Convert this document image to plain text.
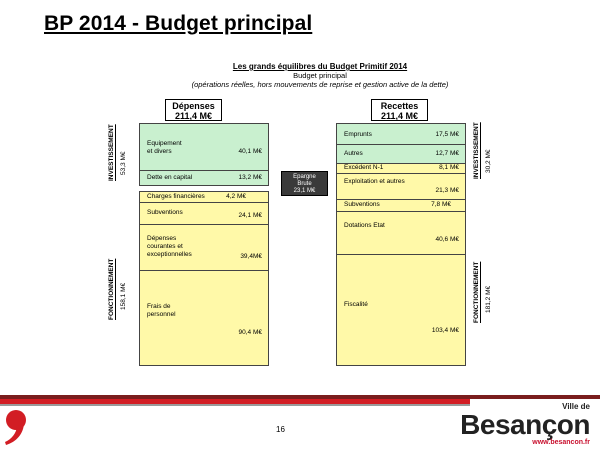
BP 2014 - Budget principal
Les grands équilibres du Budget Primitif 2014
Budget principal
(opérations réelles, hors mouvements de reprise et gestion active de la dette)
Dépenses
211,4 M€
Recettes
211,4 M€
INVESTISSEMENT 53,3 M€
FONCTIONNEMENT 158,1 M€
Equipement
et divers	40,1 M€
Dette en capital	13,2 M€
Charges financières	4,2 M€
Subventions	24,1 M€
Dépenses
courantes et
exceptionnelles	39,4M€
Frais de
personnel
90,4 M€
Epargne
Brute
23,1 M€
Emprunts	17,5 M€
Autres	12,7 M€
Excédent N-1	8,1 M€
Exploitation et autres
21,3 M€
Subventions	7,8 M€
Dotations Etat
40,6 M€
Fiscalité
103,4 M€
INVESTISSEMENT 30,2 M€
FONCTIONNEMENT 181,2 M€
16
Ville de
Besançon
www.besancon.fr
